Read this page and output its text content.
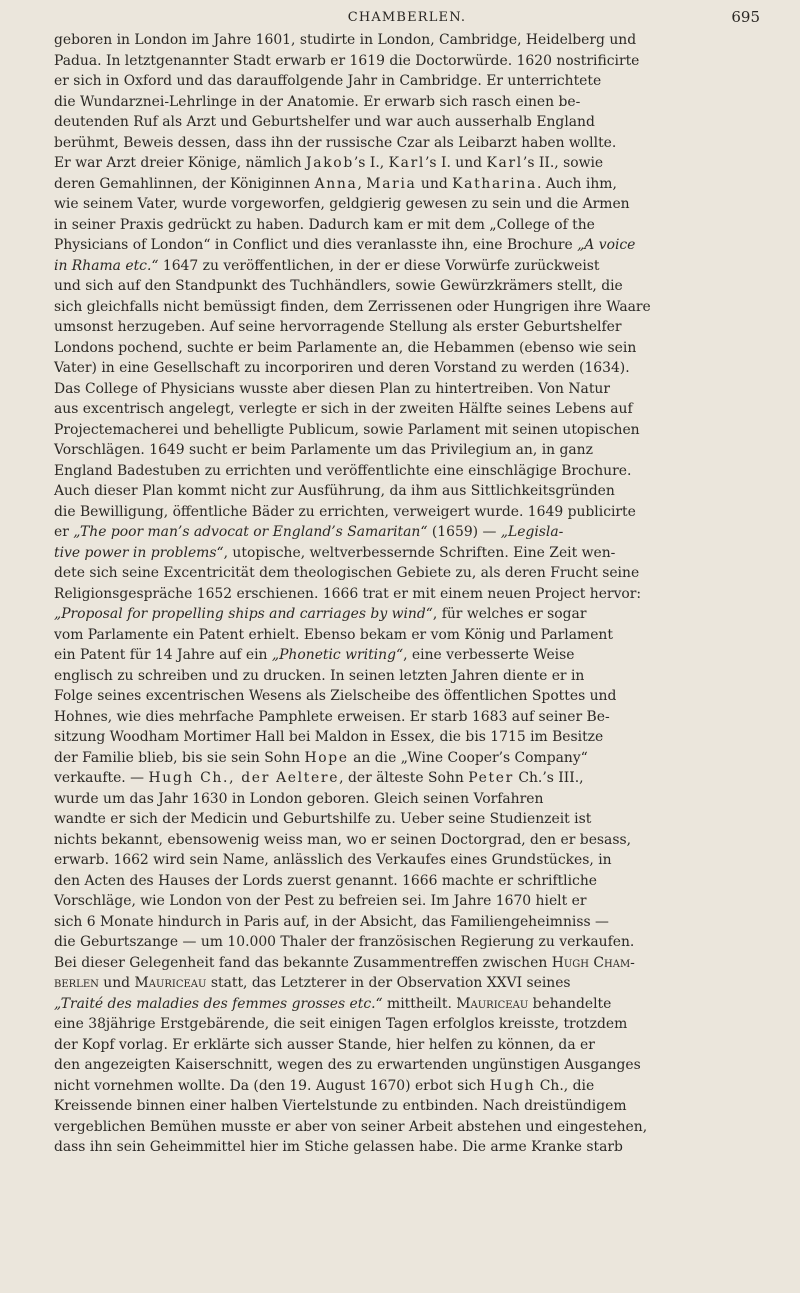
CHAMBERLEN.	695
geboren in London im Jahre 1601, studirte in London, Cambridge, Heidelberg und
Padua. In letztgenannter Stadt erwarb er 1619 die Doctorwürde. 1620 nostrificirte
er sich in Oxford und das darauffolgende Jahr in Cambridge. Er unterrichtete
die Wundarznei-Lehrlinge in der Anatomie. Er erwarb sich rasch einen be-
deutenden Ruf als Arzt und Geburtshelfer und war auch ausserhalb England
berühmt, Beweis dessen, dass ihn der russische Czar als Leibarzt haben wollte.
Er war Arzt dreier Könige, nämlich Jakob’s I., Karl’s I. und Karl’s II., sowie
deren Gemahlinnen, der Königinnen Anna, Maria und Katharina. Auch ihm,
wie seinem Vater, wurde vorgeworfen, geldgierig gewesen zu sein und die Armen
in seiner Praxis gedrückt zu haben. Dadurch kam er mit dem „College of the
Physicians of London“ in Conflict und dies veranlasste ihn, eine Brochure „A voice
in Rhama etc.“ 1647 zu veröffentlichen, in der er diese Vorwürfe zurückweist
und sich auf den Standpunkt des Tuchhändlers, sowie Gewürzkrämers stellt, die
sich gleichfalls nicht bemüssigt finden, dem Zerrissenen oder Hungrigen ihre Waare
umsonst herzugeben. Auf seine hervorragende Stellung als erster Geburtshelfer
Londons pochend, suchte er beim Parlamente an, die Hebammen (ebenso wie sein
Vater) in eine Gesellschaft zu incorporiren und deren Vorstand zu werden (1634).
Das College of Physicians wusste aber diesen Plan zu hintertreiben. Von Natur
aus excentrisch angelegt, verlegte er sich in der zweiten Hälfte seines Lebens auf
Projectemacherei und behelligte Publicum, sowie Parlament mit seinen utopischen
Vorschlägen. 1649 sucht er beim Parlamente um das Privilegium an, in ganz
England Badestuben zu errichten und veröffentlichte eine einschlägige Brochure.
Auch dieser Plan kommt nicht zur Ausführung, da ihm aus Sittlichkeitsgründen
die Bewilligung, öffentliche Bäder zu errichten, verweigert wurde. 1649 publicirte
er „The poor man’s advocat or England’s Samaritan“ (1659) — „Legisla-
tive power in problems“, utopische, weltverbessernde Schriften. Eine Zeit wen-
dete sich seine Excentricität dem theologischen Gebiete zu, als deren Frucht seine
Religionsgespräche 1652 erschienen. 1666 trat er mit einem neuen Project hervor:
„Proposal for propelling ships and carriages by wind“, für welches er sogar
vom Parlamente ein Patent erhielt. Ebenso bekam er vom König und Parlament
ein Patent für 14 Jahre auf ein „Phonetic writing“, eine verbesserte Weise
englisch zu schreiben und zu drucken. In seinen letzten Jahren diente er in
Folge seines excentrischen Wesens als Zielscheibe des öffentlichen Spottes und
Hohnes, wie dies mehrfache Pamphlete erweisen. Er starb 1683 auf seiner Be-
sitzung Woodham Mortimer Hall bei Maldon in Essex, die bis 1715 im Besitze
der Familie blieb, bis sie sein Sohn Hope an die „Wine Cooper’s Company“
verkaufte. — Hugh Ch., der Aeltere, der älteste Sohn Peter Ch.’s III.,
wurde um das Jahr 1630 in London geboren. Gleich seinen Vorfahren
wandte er sich der Medicin und Geburtshilfe zu. Ueber seine Studienzeit ist
nichts bekannt, ebensowenig weiss man, wo er seinen Doctorgrad, den er besass,
erwarb. 1662 wird sein Name, anlässlich des Verkaufes eines Grundstückes, in
den Acten des Hauses der Lords zuerst genannt. 1666 machte er schriftliche
Vorschläge, wie London von der Pest zu befreien sei. Im Jahre 1670 hielt er
sich 6 Monate hindurch in Paris auf, in der Absicht, das Familiengeheimniss —
die Geburtszange — um 10.000 Thaler der französischen Regierung zu verkaufen.
Bei dieser Gelegenheit fand das bekannte Zusammentreffen zwischen Hugh Cham-
berlen und Mauriceau statt, das Letzterer in der Observation XXVI seines
„Traité des maladies des femmes grosses etc.“ mittheilt. Mauriceau behandelte
eine 38jährige Erstgebärende, die seit einigen Tagen erfolglos kreisste, trotzdem
der Kopf vorlag. Er erklärte sich ausser Stande, hier helfen zu können, da er
den angezeigten Kaiserschnitt, wegen des zu erwartenden ungünstigen Ausganges
nicht vornehmen wollte. Da (den 19. August 1670) erbot sich Hugh Ch., die
Kreissende binnen einer halben Viertelstunde zu entbinden. Nach dreistündigem
vergeblichen Bemühen musste er aber von seiner Arbeit abstehen und eingestehen,
dass ihn sein Geheimmittel hier im Stiche gelassen habe. Die arme Kranke starb
